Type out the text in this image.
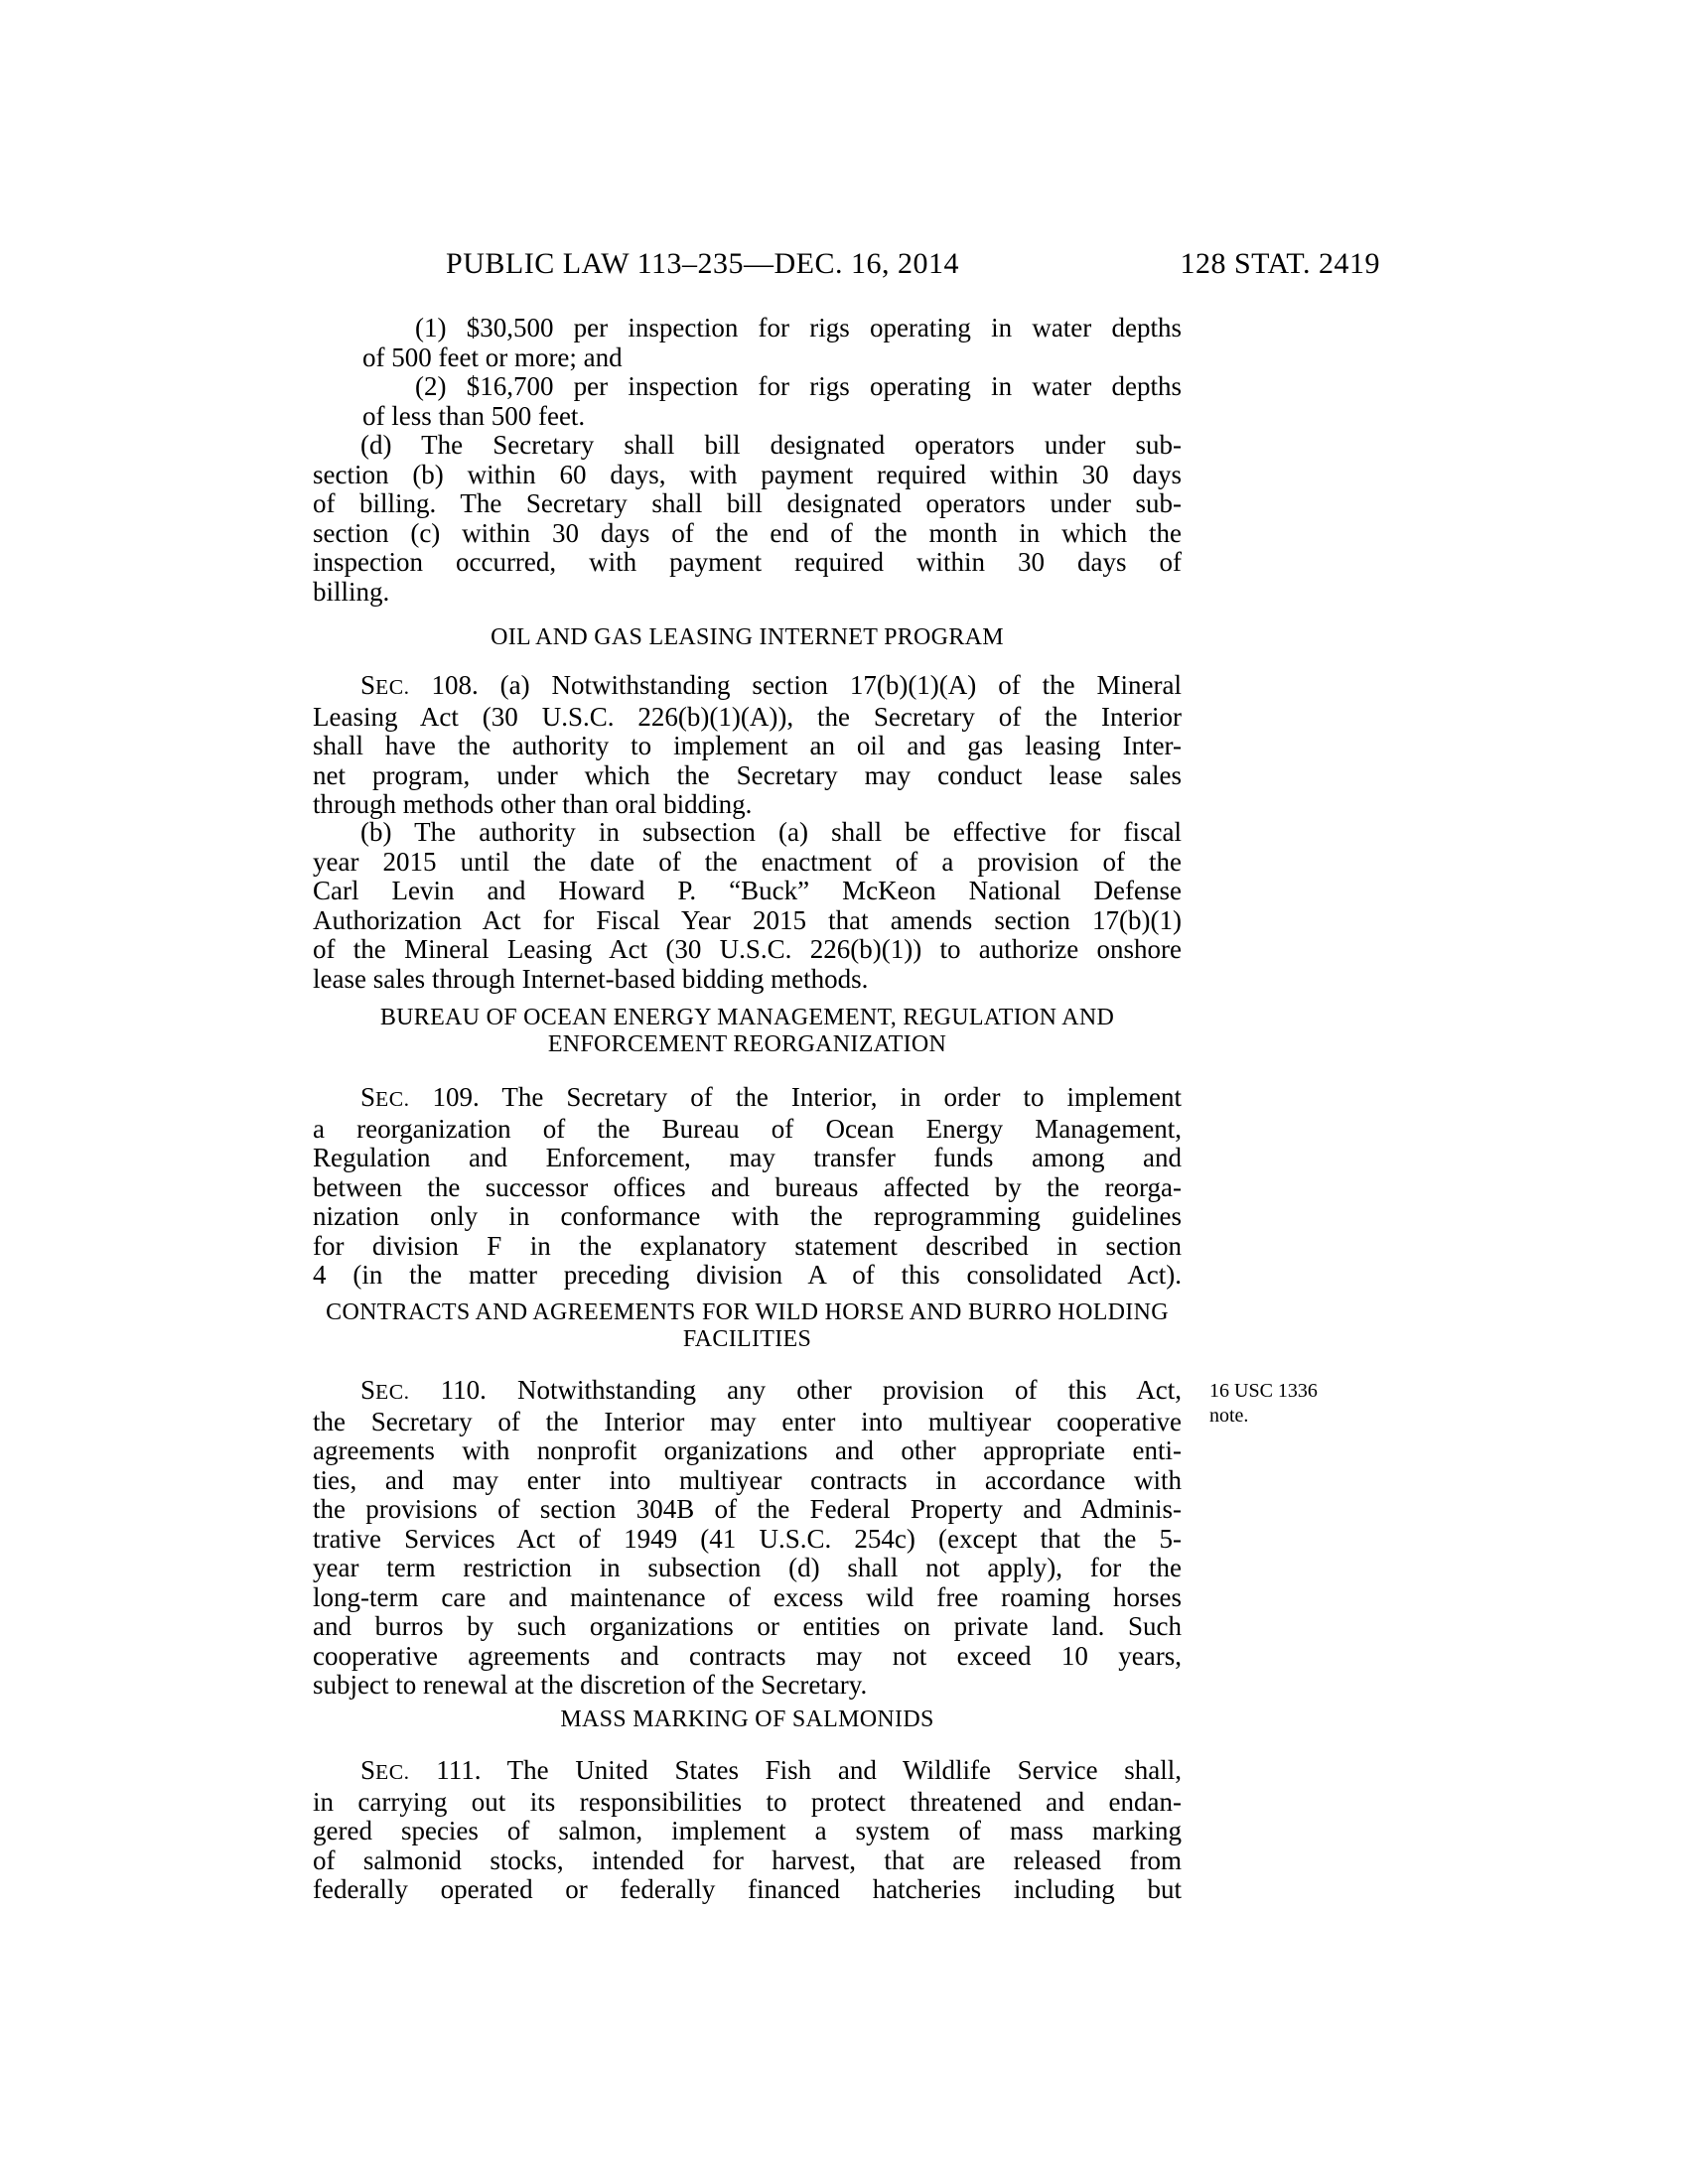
PUBLIC LAW 113–235—DEC. 16, 2014	128 STAT. 2419
(1) $30,500 per inspection for rigs operating in water depths
of 500 feet or more; and
(2) $16,700 per inspection for rigs operating in water depths
of less than 500 feet.
(d) The Secretary shall bill designated operators under sub-
section (b) within 60 days, with payment required within 30 days
of billing. The Secretary shall bill designated operators under sub-
section (c) within 30 days of the end of the month in which the
inspection occurred, with payment required within 30 days of
billing.
OIL AND GAS LEASING INTERNET PROGRAM
SEC. 108. (a) Notwithstanding section 17(b)(1)(A) of the Mineral
Leasing Act (30 U.S.C. 226(b)(1)(A)), the Secretary of the Interior
shall have the authority to implement an oil and gas leasing Inter-
net program, under which the Secretary may conduct lease sales
through methods other than oral bidding.
(b) The authority in subsection (a) shall be effective for fiscal
year 2015 until the date of the enactment of a provision of the
Carl Levin and Howard P. “Buck” McKeon National Defense
Authorization Act for Fiscal Year 2015 that amends section 17(b)(1)
of the Mineral Leasing Act (30 U.S.C. 226(b)(1)) to authorize onshore
lease sales through Internet-based bidding methods.
BUREAU OF OCEAN ENERGY MANAGEMENT, REGULATION AND
ENFORCEMENT REORGANIZATION
SEC. 109. The Secretary of the Interior, in order to implement
a reorganization of the Bureau of Ocean Energy Management,
Regulation and Enforcement, may transfer funds among and
between the successor offices and bureaus affected by the reorga-
nization only in conformance with the reprogramming guidelines
for division F in the explanatory statement described in section
4 (in the matter preceding division A of this consolidated Act).
CONTRACTS AND AGREEMENTS FOR WILD HORSE AND BURRO HOLDING
FACILITIES
SEC. 110. Notwithstanding any other provision of this Act,
the Secretary of the Interior may enter into multiyear cooperative
agreements with nonprofit organizations and other appropriate enti-
ties, and may enter into multiyear contracts in accordance with
the provisions of section 304B of the Federal Property and Adminis-
trative Services Act of 1949 (41 U.S.C. 254c) (except that the 5-
year term restriction in subsection (d) shall not apply), for the
long-term care and maintenance of excess wild free roaming horses
and burros by such organizations or entities on private land. Such
cooperative agreements and contracts may not exceed 10 years,
subject to renewal at the discretion of the Secretary.
MASS MARKING OF SALMONIDS
SEC. 111. The United States Fish and Wildlife Service shall,
in carrying out its responsibilities to protect threatened and endan-
gered species of salmon, implement a system of mass marking
of salmonid stocks, intended for harvest, that are released from
federally operated or federally financed hatcheries including but
16 USC 1336
note.
